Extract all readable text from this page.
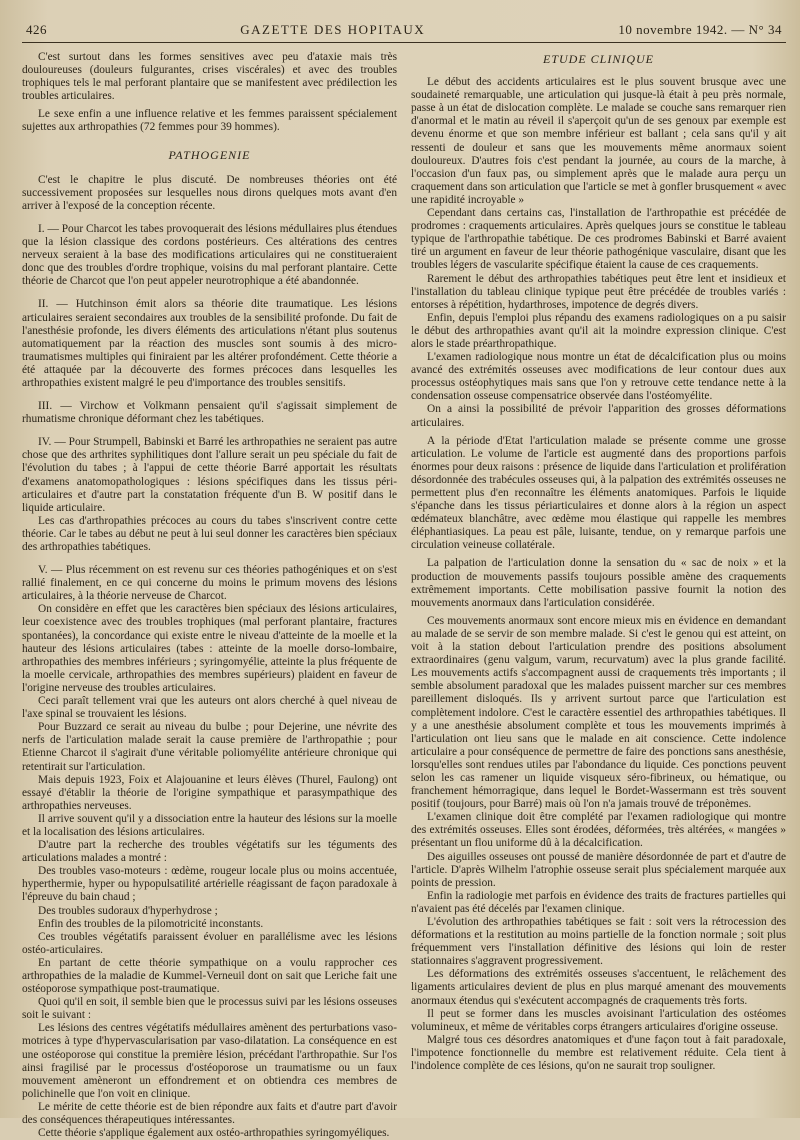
426	GAZETTE DES HOPITAUX	10 novembre 1942. — N° 34

C'est surtout dans les formes sensitives avec peu d'ataxie mais très douloureuses (douleurs fulgurantes, crises viscérales) et avec des troubles trophiques tels le mal perforant plantaire que se manifestent avec prédilection les troubles articulaires.

Le sexe enfin a une influence relative et les femmes paraissent spécialement sujettes aux arthropathies (72 femmes pour 39 hommes).

PATHOGENIE

C'est le chapitre le plus discuté. De nombreuses théories ont été successivement proposées sur lesquelles nous dirons quelques mots avant d'en arriver à l'exposé de la conception récente.

I. — Pour Charcot les tabes provoquerait des lésions médullaires plus étendues que la lésion classique des cordons postérieurs. Ces altérations des centres nerveux seraient à la base des modifications articulaires qui ne constitueraient donc que des troubles d'ordre trophique, voisins du mal perforant plantaire. Cette théorie de Charcot que l'on peut appeler neurotrophique a été abandonnée.

II. — Hutchinson émit alors sa théorie dite traumatique. Les lésions articulaires seraient secondaires aux troubles de la sensibilité profonde. Du fait de l'anesthésie profonde, les divers éléments des articulations n'étant plus soutenus automatiquement par la réaction des muscles sont soumis à des micro-traumatismes multiples qui finiraient par les altérer profondément. Cette théorie a été attaquée par la découverte des formes précoces dans lesquelles les arthropathies existent malgré le peu d'importance des troubles sensitifs.

III. — Virchow et Volkmann pensaient qu'il s'agissait simplement de rhumatisme chronique déformant chez les tabétiques.

IV. — Pour Strumpell, Babinski et Barré les arthropathies ne seraient pas autre chose que des arthrites syphilitiques dont l'allure serait un peu spéciale du fait de l'évolution du tabes ; à l'appui de cette théorie Barré apportait les résultats d'examens anatomopathologiques : lésions spécifiques dans les tissus péri-articulaires et d'autre part la constatation fréquente d'un B. W positif dans le liquide articulaire.

Les cas d'arthropathies précoces au cours du tabes s'inscrivent contre cette théorie. Car le tabes au début ne peut à lui seul donner les caractères bien spéciaux des arthropathies tabétiques.

V. — Plus récemment on est revenu sur ces théories pathogéniques et on s'est rallié finalement, en ce qui concerne du moins le primum movens des lésions articulaires, à la théorie nerveuse de Charcot.

On considère en effet que les caractères bien spéciaux des lésions articulaires, leur coexistence avec des troubles trophiques (mal perforant plantaire, fractures spontanées), la concordance qui existe entre le niveau d'atteinte de la moelle et la hauteur des lésions articulaires (tabes : atteinte de la moelle dorso-lombaire, arthropathies des membres inférieurs ; syringomyélie, atteinte la plus fréquente de la moelle cervicale, arthropathies des membres supérieurs) plaident en faveur de l'origine nerveuse des troubles articulaires.

Ceci paraît tellement vrai que les auteurs ont alors cherché à quel niveau de l'axe spinal se trouvaient les lésions.

Pour Buzzard ce serait au niveau du bulbe ; pour Dejerine, une névrite des nerfs de l'articulation malade serait la cause première de l'arthropathie ; pour Etienne Charcot il s'agirait d'une véritable poliomyélite antérieure chronique qui retentirait sur l'articulation.

Mais depuis 1923, Foix et Alajouanine et leurs élèves (Thurel, Faulong) ont essayé d'établir la théorie de l'origine sympathique et parasympathique des arthropathies nerveuses.

Il arrive souvent qu'il y a dissociation entre la hauteur des lésions sur la moelle et la localisation des lésions articulaires.

D'autre part la recherche des troubles végétatifs sur les téguments des articulations malades a montré :

Des troubles vaso-moteurs : œdème, rougeur locale plus ou moins accentuée, hyperthermie, hyper ou hypopulsatilité artérielle réagissant de façon paradoxale à l'épreuve du bain chaud ;

Des troubles sudoraux d'hyperhydrose ;

Enfin des troubles de la pilomotricité inconstants.

Ces troubles végétatifs paraissent évoluer en parallélisme avec les lésions ostéo-articulaires.

En partant de cette théorie sympathique on a voulu rapprocher ces arthropathies de la maladie de Kummel-Verneuil dont on sait que Leriche fait une ostéoporose sympathique post-traumatique.

Quoi qu'il en soit, il semble bien que le processus suivi par les lésions osseuses soit le suivant :

Les lésions des centres végétatifs médullaires amènent des perturbations vaso-motrices à type d'hypervascularisation par vaso-dilatation. La conséquence en est une ostéoporose qui constitue la première lésion, précédant l'arthropathie. Sur l'os ainsi fragilisé par le processus d'ostéoporose un traumatisme ou un faux mouvement amèneront un effondrement et on obtiendra ces membres de polichinelle que l'on voit en clinique.

Le mérite de cette théorie est de bien répondre aux faits et d'autre part d'avoir des conséquences thérapeutiques intéressantes.

Cette théorie s'applique également aux ostéo-arthropathies syringomyéliques.

ETUDE CLINIQUE

Le début des accidents articulaires est le plus souvent brusque avec une soudaineté remarquable, une articulation qui jusque-là était à peu près normale, passe à un état de dislocation complète. Le malade se couche sans remarquer rien d'anormal et le matin au réveil il s'aperçoit qu'un de ses genoux par exemple est devenu énorme et que son membre inférieur est ballant ; cela sans qu'il y ait ressenti de douleur et sans que les mouvements même anormaux soient douloureux. D'autres fois c'est pendant la journée, au cours de la marche, à l'occasion d'un faux pas, ou simplement après que le malade aura perçu un craquement dans son articulation que l'article se met à gonfler brusquement « avec une rapidité incroyable »

Cependant dans certains cas, l'installation de l'arthropathie est précédée de prodromes : craquements articulaires. Après quelques jours se constitue le tableau typique de l'arthropathie tabétique. De ces prodromes Babinski et Barré avaient tiré un argument en faveur de leur théorie pathogénique vasculaire, disant que les troubles légers de vascularite spécifique étaient la cause de ces craquements.

Rarement le début des arthropathies tabétiques peut être lent et insidieux et l'installation du tableau clinique typique peut être précédée de troubles variés : entorses à répétition, hydarthroses, impotence de degrés divers.

Enfin, depuis l'emploi plus répandu des examens radiologiques on a pu saisir le début des arthropathies avant qu'il ait la moindre expression clinique. C'est alors le stade préarthropathique.

L'examen radiologique nous montre un état de décalcification plus ou moins avancé des extrémités osseuses avec modifications de leur contour dues aux processus ostéophytiques mais sans que l'on y retrouve cette tendance nette à la condensation osseuse compensatrice observée dans l'ostéomyélite.

On a ainsi la possibilité de prévoir l'apparition des grosses déformations articulaires.

A la période d'Etat l'articulation malade se présente comme une grosse articulation. Le volume de l'article est augmenté dans des proportions parfois énormes pour deux raisons : présence de liquide dans l'articulation et prolifération désordonnée des trabécules osseuses qui, à la palpation des extrémités osseuses ne permettent plus d'en reconnaître les éléments anatomiques. Parfois le liquide s'épanche dans les tissus périarticulaires et donne alors à la région un aspect œdémateux blanchâtre, avec œdème mou élastique qui rappelle les membres éléphantiasiques. La peau est pâle, luisante, tendue, on y remarque parfois une circulation veineuse collatérale.

La palpation de l'articulation donne la sensation du « sac de noix » et la production de mouvements passifs toujours possible amène des craquements extrêmement importants. Cette mobilisation passive fournit la notion des mouvements anormaux dans l'articulation considérée.

Ces mouvements anormaux sont encore mieux mis en évidence en demandant au malade de se servir de son membre malade. Si c'est le genou qui est atteint, on voit à la station debout l'articulation prendre des positions absolument extraordinaires (genu valgum, varum, recurvatum) avec la plus grande facilité. Les mouvements actifs s'accompagnent aussi de craquements très importants ; il semble absolument paradoxal que les malades puissent marcher sur ces membres pareillement disloqués. Ils y arrivent surtout parce que l'articulation est complètement indolore. C'est le caractère essentiel des arthropathies tabétiques. Il y a une anesthésie absolument complète et tous les mouvements imprimés à l'articulation ont lieu sans que le malade en ait conscience. Cette indolence articulaire a pour conséquence de permettre de faire des ponctions sans anesthésie, lorsqu'elles sont rendues utiles par l'abondance du liquide. Ces ponctions peuvent selon les cas ramener un liquide visqueux séro-fibrineux, ou hématique, ou franchement hémorragique, dans lequel le Bordet-Wassermann est très souvent positif (toujours, pour Barré) mais où l'on n'a jamais trouvé de tréponèmes.

L'examen clinique doit être complété par l'examen radiologique qui montre des extrémités osseuses. Elles sont érodées, déformées, très altérées, « mangées » présentant un flou uniforme dû à la décalcification.

Des aiguilles osseuses ont poussé de manière désordonnée de part et d'autre de l'article. D'après Wilhelm l'atrophie osseuse serait plus spécialement marquée aux points de pression.

Enfin la radiologie met parfois en évidence des traits de fractures partielles qui n'avaient pas été décelés par l'examen clinique.

L'évolution des arthropathies tabétiques se fait : soit vers la rétrocession des déformations et la restitution au moins partielle de la fonction normale ; soit plus fréquemment vers l'installation définitive des lésions qui loin de rester stationnaires s'aggravent progressivement.

Les déformations des extrémités osseuses s'accentuent, le relâchement des ligaments articulaires devient de plus en plus marqué amenant des mouvements anormaux étendus qui s'exécutent accompagnés de craquements très forts.

Il peut se former dans les muscles avoisinant l'articulation des ostéomes volumineux, et même de véritables corps étrangers articulaires d'origine osseuse.

Malgré tous ces désordres anatomiques et d'une façon tout à fait paradoxale, l'impotence fonctionnelle du membre est relativement réduite. Cela tient à l'indolence complète de ces lésions, qu'on ne saurait trop souligner.
